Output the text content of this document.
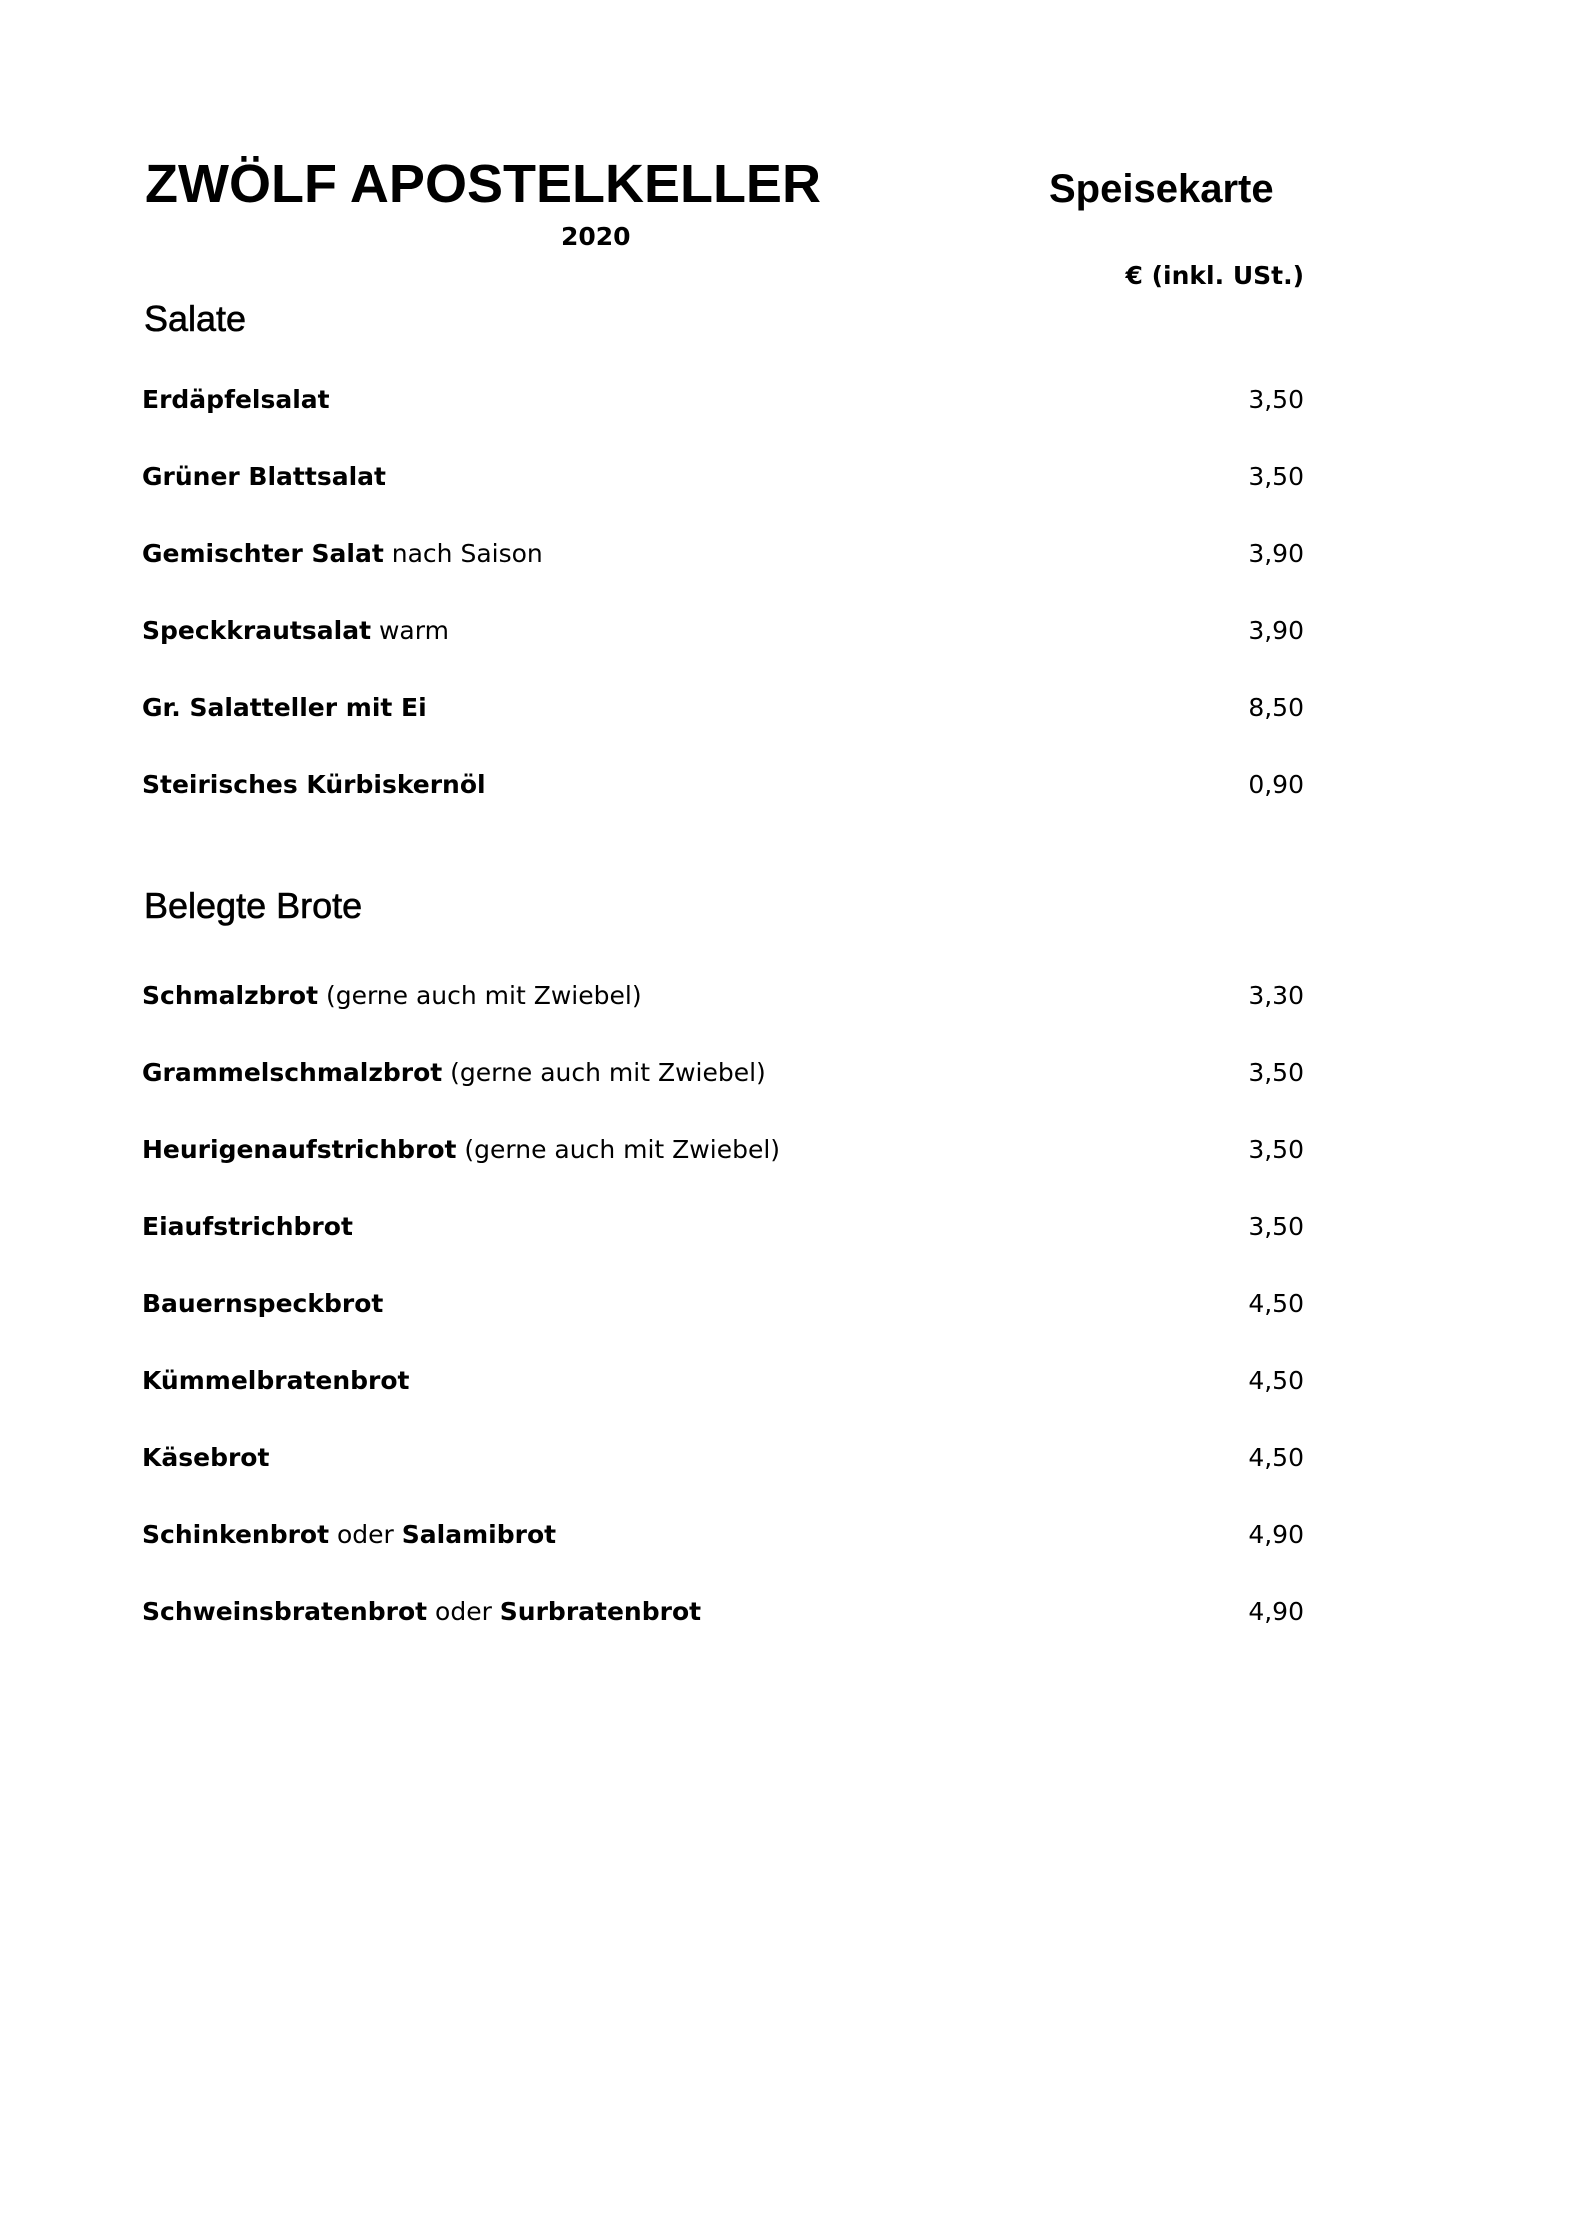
ZWÖLF APOSTELKELLER
2020
Speisekarte
€ (inkl. USt.)
Salate
Erdäpfelsalat	3,50
Grüner Blattsalat	3,50
Gemischter Salat nach Saison	3,90
Speckkrautsalat warm	3,90
Gr. Salatteller mit Ei	8,50
Steirisches Kürbiskernöl	0,90
Belegte Brote
Schmalzbrot (gerne auch mit Zwiebel)	3,30
Grammelschmalzbrot (gerne auch mit Zwiebel)	3,50
Heurigenaufstrichbrot (gerne auch mit Zwiebel)	3,50
Eiaufstrichbrot	3,50
Bauernspeckbrot	4,50
Kümmelbratenbrot	4,50
Käsebrot	4,50
Schinkenbrot oder Salamibrot	4,90
Schweinsbratenbrot oder Surbratenbrot	4,90
